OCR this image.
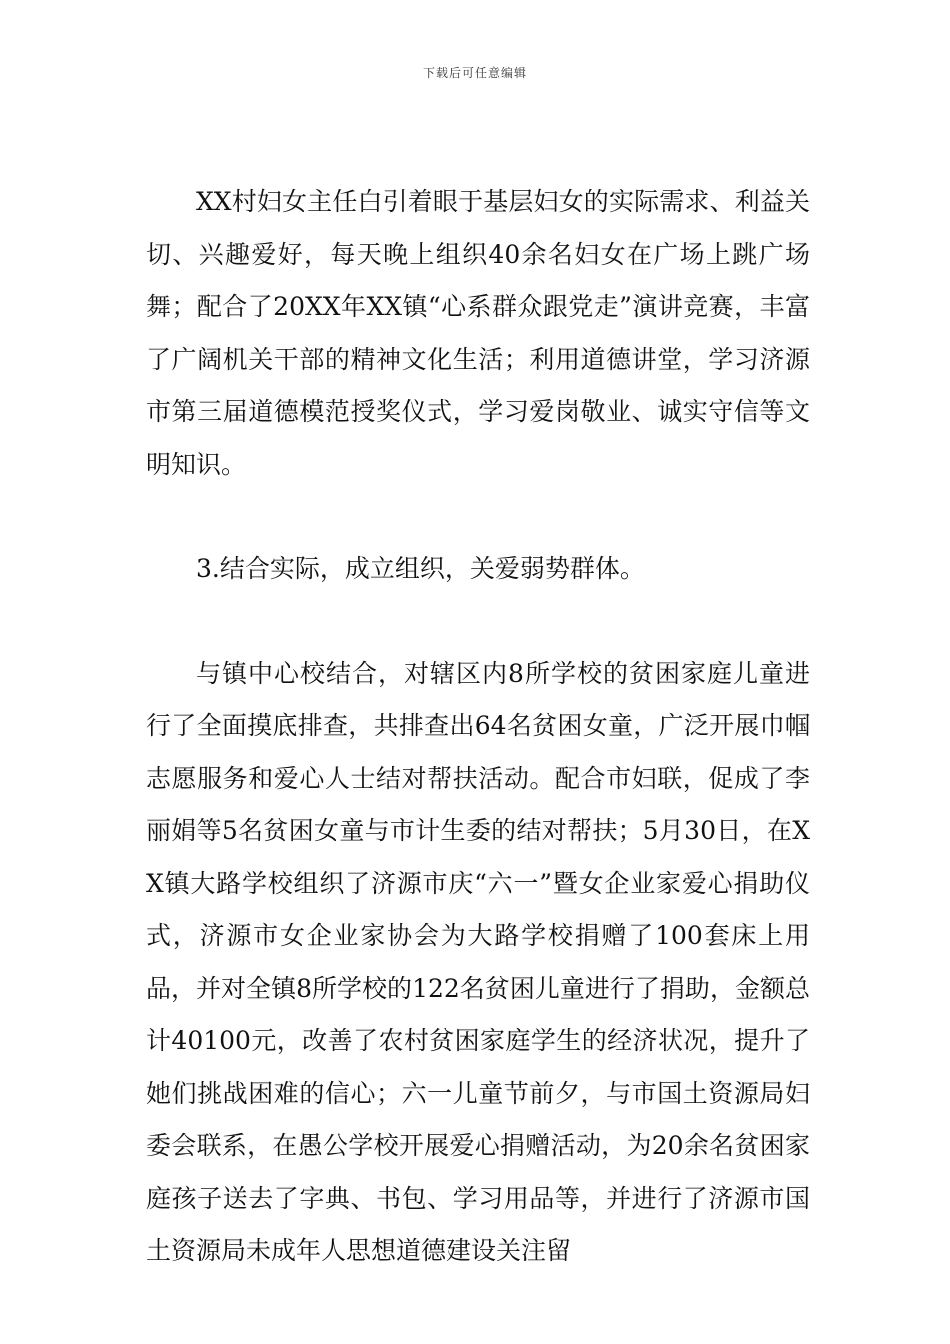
下载后可任意编辑

XX村妇女主任白引着眼于基层妇女的实际需求、利益关切、兴趣爱好，每天晚上组织40余名妇女在广场上跳广场舞；配合了20XX年XX镇“心系群众跟党走”演讲竞赛，丰富了广阔机关干部的精神文化生活；利用道德讲堂，学习济源市第三届道德模范授奖仪式，学习爱岗敬业、诚实守信等文明知识。

3.结合实际，成立组织，关爱弱势群体。

与镇中心校结合，对辖区内8所学校的贫困家庭儿童进行了全面摸底排查，共排查出64名贫困女童，广泛开展巾帼志愿服务和爱心人士结对帮扶活动。配合市妇联，促成了李丽娟等5名贫困女童与市计生委的结对帮扶；5月30日，在XX镇大路学校组织了济源市庆“六一”暨女企业家爱心捐助仪式，济源市女企业家协会为大路学校捐赠了100套床上用品，并对全镇8所学校的122名贫困儿童进行了捐助，金额总计40100元，改善了农村贫困家庭学生的经济状况，提升了她们挑战困难的信心；六一儿童节前夕，与市国土资源局妇委会联系，在愚公学校开展爱心捐赠活动，为20余名贫困家庭孩子送去了字典、书包、学习用品等，并进行了济源市国土资源局未成年人思想道德建设关注留
